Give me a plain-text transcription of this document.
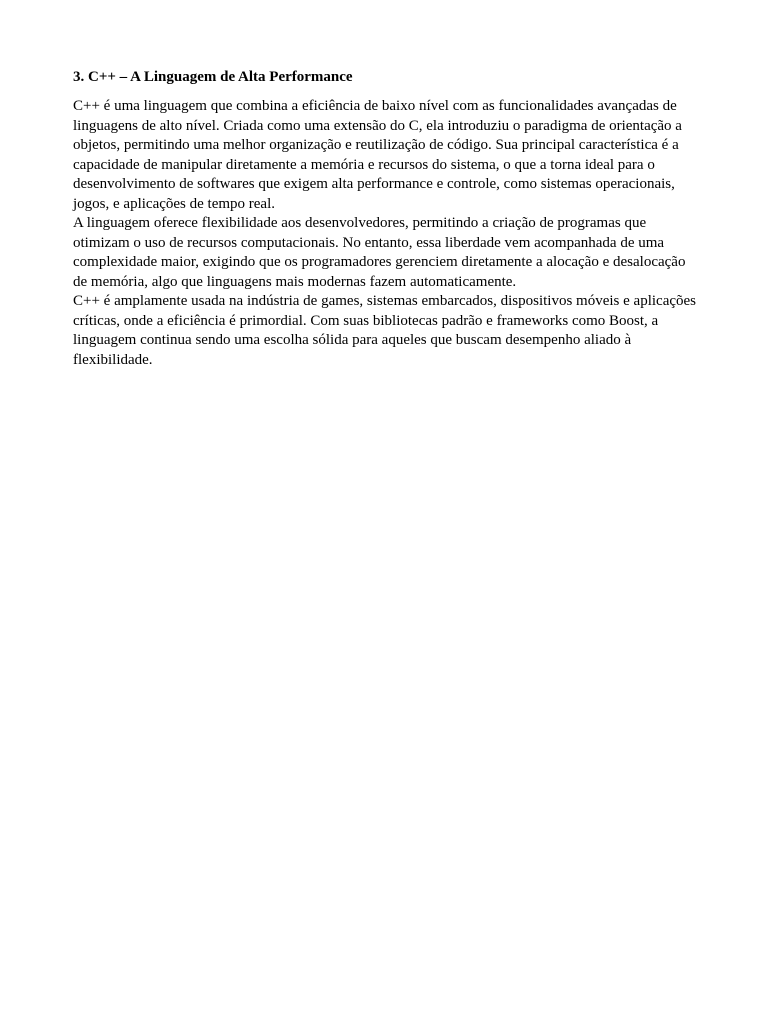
3. C++ – A Linguagem de Alta Performance

C++ é uma linguagem que combina a eficiência de baixo nível com as funcionalidades avançadas de linguagens de alto nível. Criada como uma extensão do C, ela introduziu o paradigma de orientação a objetos, permitindo uma melhor organização e reutilização de código. Sua principal característica é a capacidade de manipular diretamente a memória e recursos do sistema, o que a torna ideal para o desenvolvimento de softwares que exigem alta performance e controle, como sistemas operacionais, jogos, e aplicações de tempo real.

A linguagem oferece flexibilidade aos desenvolvedores, permitindo a criação de programas que otimizam o uso de recursos computacionais. No entanto, essa liberdade vem acompanhada de uma complexidade maior, exigindo que os programadores gerenciem diretamente a alocação e desalocação de memória, algo que linguagens mais modernas fazem automaticamente.

C++ é amplamente usada na indústria de games, sistemas embarcados, dispositivos móveis e aplicações críticas, onde a eficiência é primordial. Com suas bibliotecas padrão e frameworks como Boost, a linguagem continua sendo uma escolha sólida para aqueles que buscam desempenho aliado à flexibilidade.
